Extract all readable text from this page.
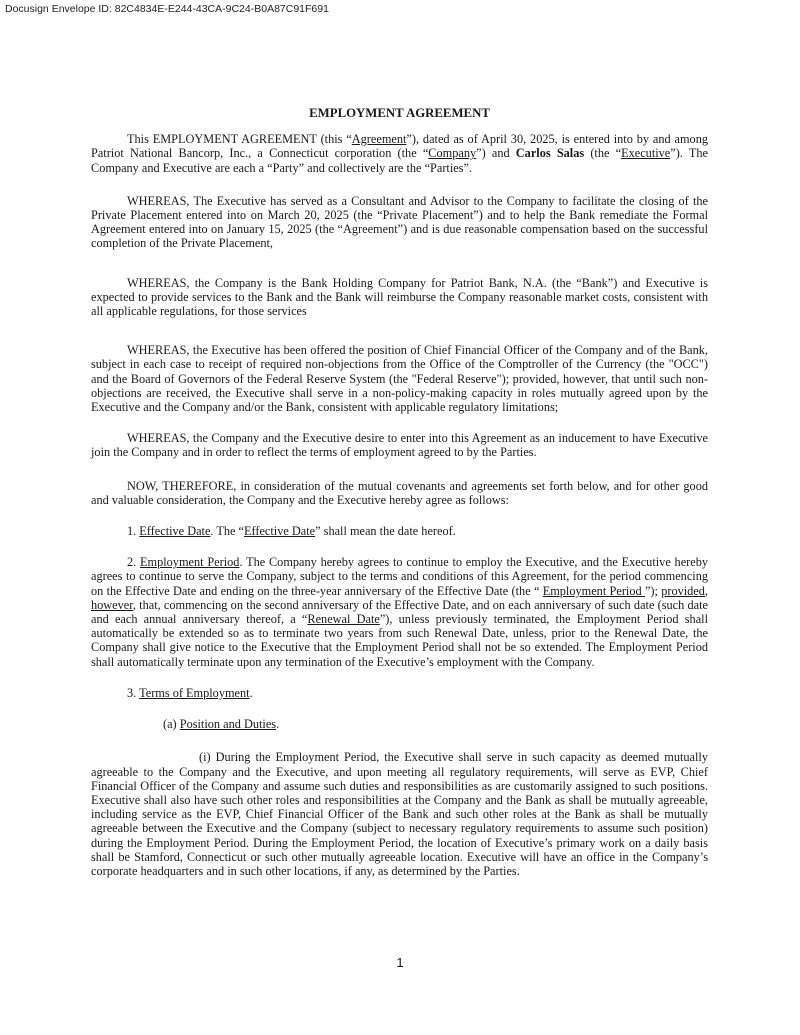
Docusign Envelope ID: 82C4834E-E244-43CA-9C24-B0A87C91F691
EMPLOYMENT AGREEMENT

This EMPLOYMENT AGREEMENT (this “Agreement”), dated as of April 30, 2025, is entered into by and among Patriot National Bancorp, Inc., a Connecticut corporation (the “Company”) and Carlos Salas (the “Executive”). The Company and Executive are each a “Party” and collectively are the “Parties”.

WHEREAS, The Executive has served as a Consultant and Advisor to the Company to facilitate the closing of the Private Placement entered into on March 20, 2025 (the “Private Placement”) and to help the Bank remediate the Formal Agreement entered into on January 15, 2025 (the “Agreement”) and is due reasonable compensation based on the successful completion of the Private Placement,

WHEREAS, the Company is the Bank Holding Company for Patriot Bank, N.A. (the “Bank”) and Executive is expected to provide services to the Bank and the Bank will reimburse the Company reasonable market costs, consistent with all applicable regulations, for those services

WHEREAS, the Executive has been offered the position of Chief Financial Officer of the Company and of the Bank, subject in each case to receipt of required non-objections from the Office of the Comptroller of the Currency (the "OCC") and the Board of Governors of the Federal Reserve System (the "Federal Reserve"); provided, however, that until such non-objections are received, the Executive shall serve in a non-policy-making capacity in roles mutually agreed upon by the Executive and the Company and/or the Bank, consistent with applicable regulatory limitations;

WHEREAS, the Company and the Executive desire to enter into this Agreement as an inducement to have Executive join the Company and in order to reflect the terms of employment agreed to by the Parties.

NOW, THEREFORE, in consideration of the mutual covenants and agreements set forth below, and for other good and valuable consideration, the Company and the Executive hereby agree as follows:

1. Effective Date. The “Effective Date” shall mean the date hereof.

2. Employment Period. The Company hereby agrees to continue to employ the Executive, and the Executive hereby agrees to continue to serve the Company, subject to the terms and conditions of this Agreement, for the period commencing on the Effective Date and ending on the three-year anniversary of the Effective Date (the “ Employment Period ”); provided, however, that, commencing on the second anniversary of the Effective Date, and on each anniversary of such date (such date and each annual anniversary thereof, a “Renewal Date”), unless previously terminated, the Employment Period shall automatically be extended so as to terminate two years from such Renewal Date, unless, prior to the Renewal Date, the Company shall give notice to the Executive that the Employment Period shall not be so extended. The Employment Period shall automatically terminate upon any termination of the Executive’s employment with the Company.

3. Terms of Employment.

(a) Position and Duties.

(i) During the Employment Period, the Executive shall serve in such capacity as deemed mutually agreeable to the Company and the Executive, and upon meeting all regulatory requirements, will serve as EVP, Chief Financial Officer of the Company and assume such duties and responsibilities as are customarily assigned to such positions. Executive shall also have such other roles and responsibilities at the Company and the Bank as shall be mutually agreeable, including service as the EVP, Chief Financial Officer of the Bank and such other roles at the Bank as shall be mutually agreeable between the Executive and the Company (subject to necessary regulatory requirements to assume such position) during the Employment Period. During the Employment Period, the location of Executive’s primary work on a daily basis shall be Stamford, Connecticut or such other mutually agreeable location. Executive will have an office in the Company’s corporate headquarters and in such other locations, if any, as determined by the Parties.

1
